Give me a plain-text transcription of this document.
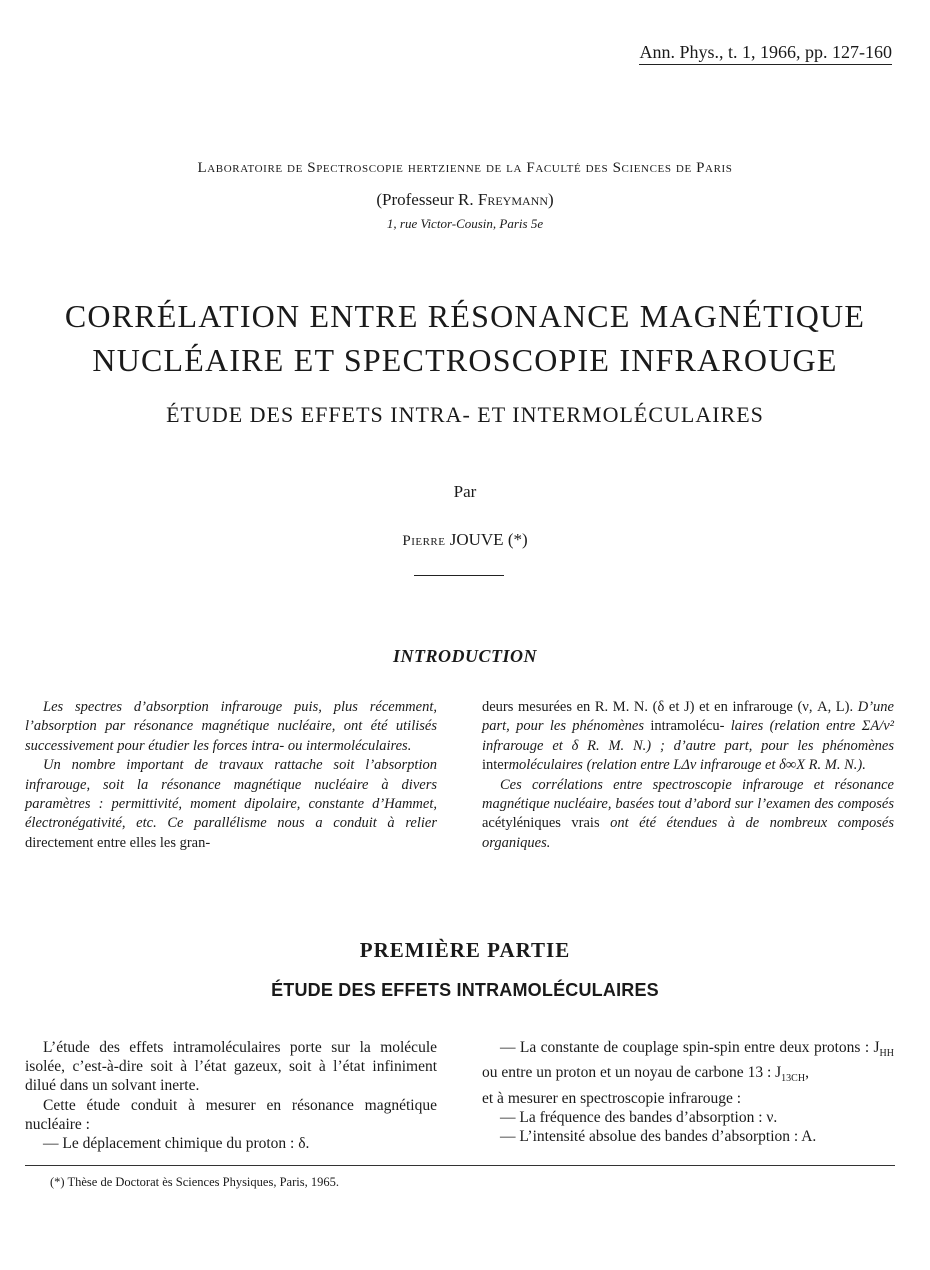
Ann. Phys., t. 1, 1966, pp. 127-160
Laboratoire de Spectroscopie hertzienne de la Faculté des Sciences de Paris
(Professeur R. Freymann)
1, rue Victor-Cousin, Paris 5e
CORRÉLATION ENTRE RÉSONANCE MAGNÉTIQUE
NUCLÉAIRE ET SPECTROSCOPIE INFRAROUGE
ÉTUDE DES EFFETS INTRA- ET INTERMOLÉCULAIRES
Par
Pierre JOUVE (*)
INTRODUCTION

Les spectres d’absorption infrarouge puis, plus récemment, l’absorption par résonance magnétique nucléaire, ont été utilisés successivement pour étudier les forces intra- ou intermoléculaires.

Un nombre important de travaux rattache soit l’absorption infrarouge, soit la résonance magnétique nucléaire à divers paramètres : permittivité, moment dipolaire, constante d’Hammet, électronégativité, etc. Ce parallélisme nous a conduit à relier directement entre elles les gran-

deurs mesurées en R. M. N. (δ et J) et en infrarouge (ν, A, L). D’une part, pour les phénomènes intramolécu- laires (relation entre ΣA/ν² infrarouge et δ R. M. N.) ; d’autre part, pour les phénomènes intermoléculaires (relation entre LΔν infrarouge et δ∞X R. M. N.).

Ces corrélations entre spectroscopie infrarouge et résonance magnétique nucléaire, basées tout d’abord sur l’examen des composés acétyléniques vrais ont été étendues à de nombreux composés organiques.

PREMIÈRE PARTIE
ÉTUDE DES EFFETS INTRAMOLÉCULAIRES

L’étude des effets intramoléculaires porte sur la molécule isolée, c’est-à-dire soit à l’état gazeux, soit à l’état infiniment dilué dans un solvant inerte.

Cette étude conduit à mesurer en résonance magnétique nucléaire :

— Le déplacement chimique du proton : δ.

— La constante de couplage spin-spin entre deux protons : $J_{HH}$ ou entre un proton et un noyau de carbone 13 : $J_{13CH}$,

et à mesurer en spectroscopie infrarouge :

— La fréquence des bandes d’absorption : ν.

— L’intensité absolue des bandes d’absorption : A.

(*) Thèse de Doctorat ès Sciences Physiques, Paris, 1965.
